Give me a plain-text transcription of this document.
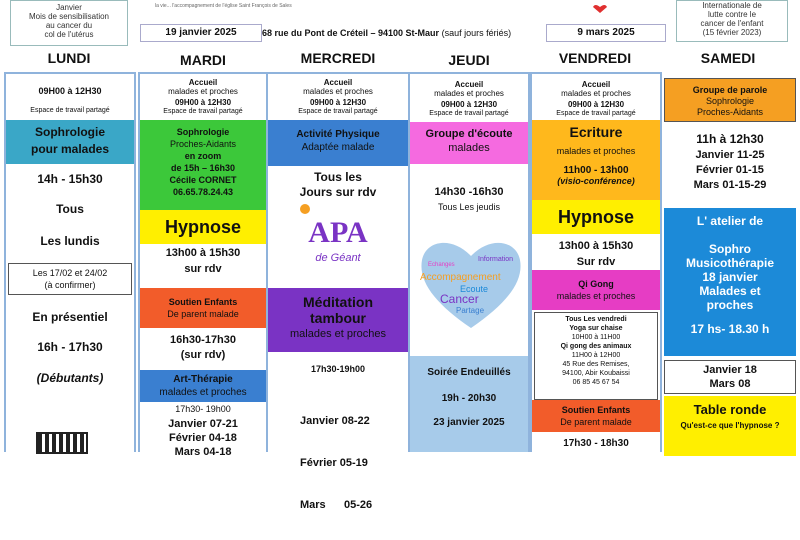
Janvier
Mois de sensibilisation
au cancer du
col de l'utérus
la vie... l'accompagnement de l'église Saint François de Sales
19 janvier 2025	68 rue du Pont de Créteil – 94100 St-Maur (sauf jours fériés)	9 mars 2025
Internationale de
lutte contre le
cancer de l'enfant
(15 février 2023)
LUNDI	MARDI	MERCREDI	JEUDI	VENDREDI	SAMEDI
09H00 à 12H30
Espace de travail partagé
Sophrologie
pour malades
14h - 15h30
Tous
Les lundis
Les 17/02 et 24/02
(à confirmer)
En présentiel
16h - 17h30
(Débutants)
Accueil
malades et proches
09H00 à 12H30
Espace de travail partagé
Sophrologie
Proches-Aidants
en zoom
de 15h – 16h30
Cécile CORNET
06.65.78.24.43
Hypnose
13h00 à 15h30
sur rdv
Soutien Enfants
De parent malade
16h30-17h30
(sur rdv)
Art-Thérapie
malades et proches
17h30- 19h00
Janvier 07-21
Février 04-18
Mars 04-18
Accueil
malades et proches
09H00 à 12H30
Espace de travail partagé
Activité Physique
Adaptée malade
Tous les
Jours sur rdv
APA
de Géant
Méditation
tambour
malades et proches
17h30-19h00

Janvier 08-22

Février 05-19

Mars      05-26

Accueil
malades et proches
09H00 à 12H30
Espace de travail partagé
Groupe d'écoute
malades
14h30 -16h30
Tous Les jeudis
Echanges
Information
Accompagnement
Ecoute
Cancer
Partage
Soirée Endeuillés
19h - 20h30
23 janvier 2025
Accueil
malades et proches
09H00 à 12H30
Espace de travail partagé
Ecriture
malades et proches
11h00 - 13h00
(visio-conférence)
Hypnose
13h00 à 15h30
Sur rdv
Qi Gong
malades et proches
Tous Les vendredi
Yoga sur chaise
10H00 à 11H00
Qi gong des animaux
11H00 à 12H00
45 Rue des Remises,
94100, Abir Koubaissi
06 85 45 67 54
Soutien Enfants
De parent malade
17h30 - 18h30
Groupe de parole
Sophrologie
Proches-Aidants
11h à 12h30
Janvier 11-25
Février 01-15
Mars 01-15-29
L' atelier de
Sophro
Musicothérapie
18 janvier
Malades et
proches
17 hs- 18.30 h
Janvier 18
Mars 08
Table ronde
Qu'est-ce que l'hypnose ?
